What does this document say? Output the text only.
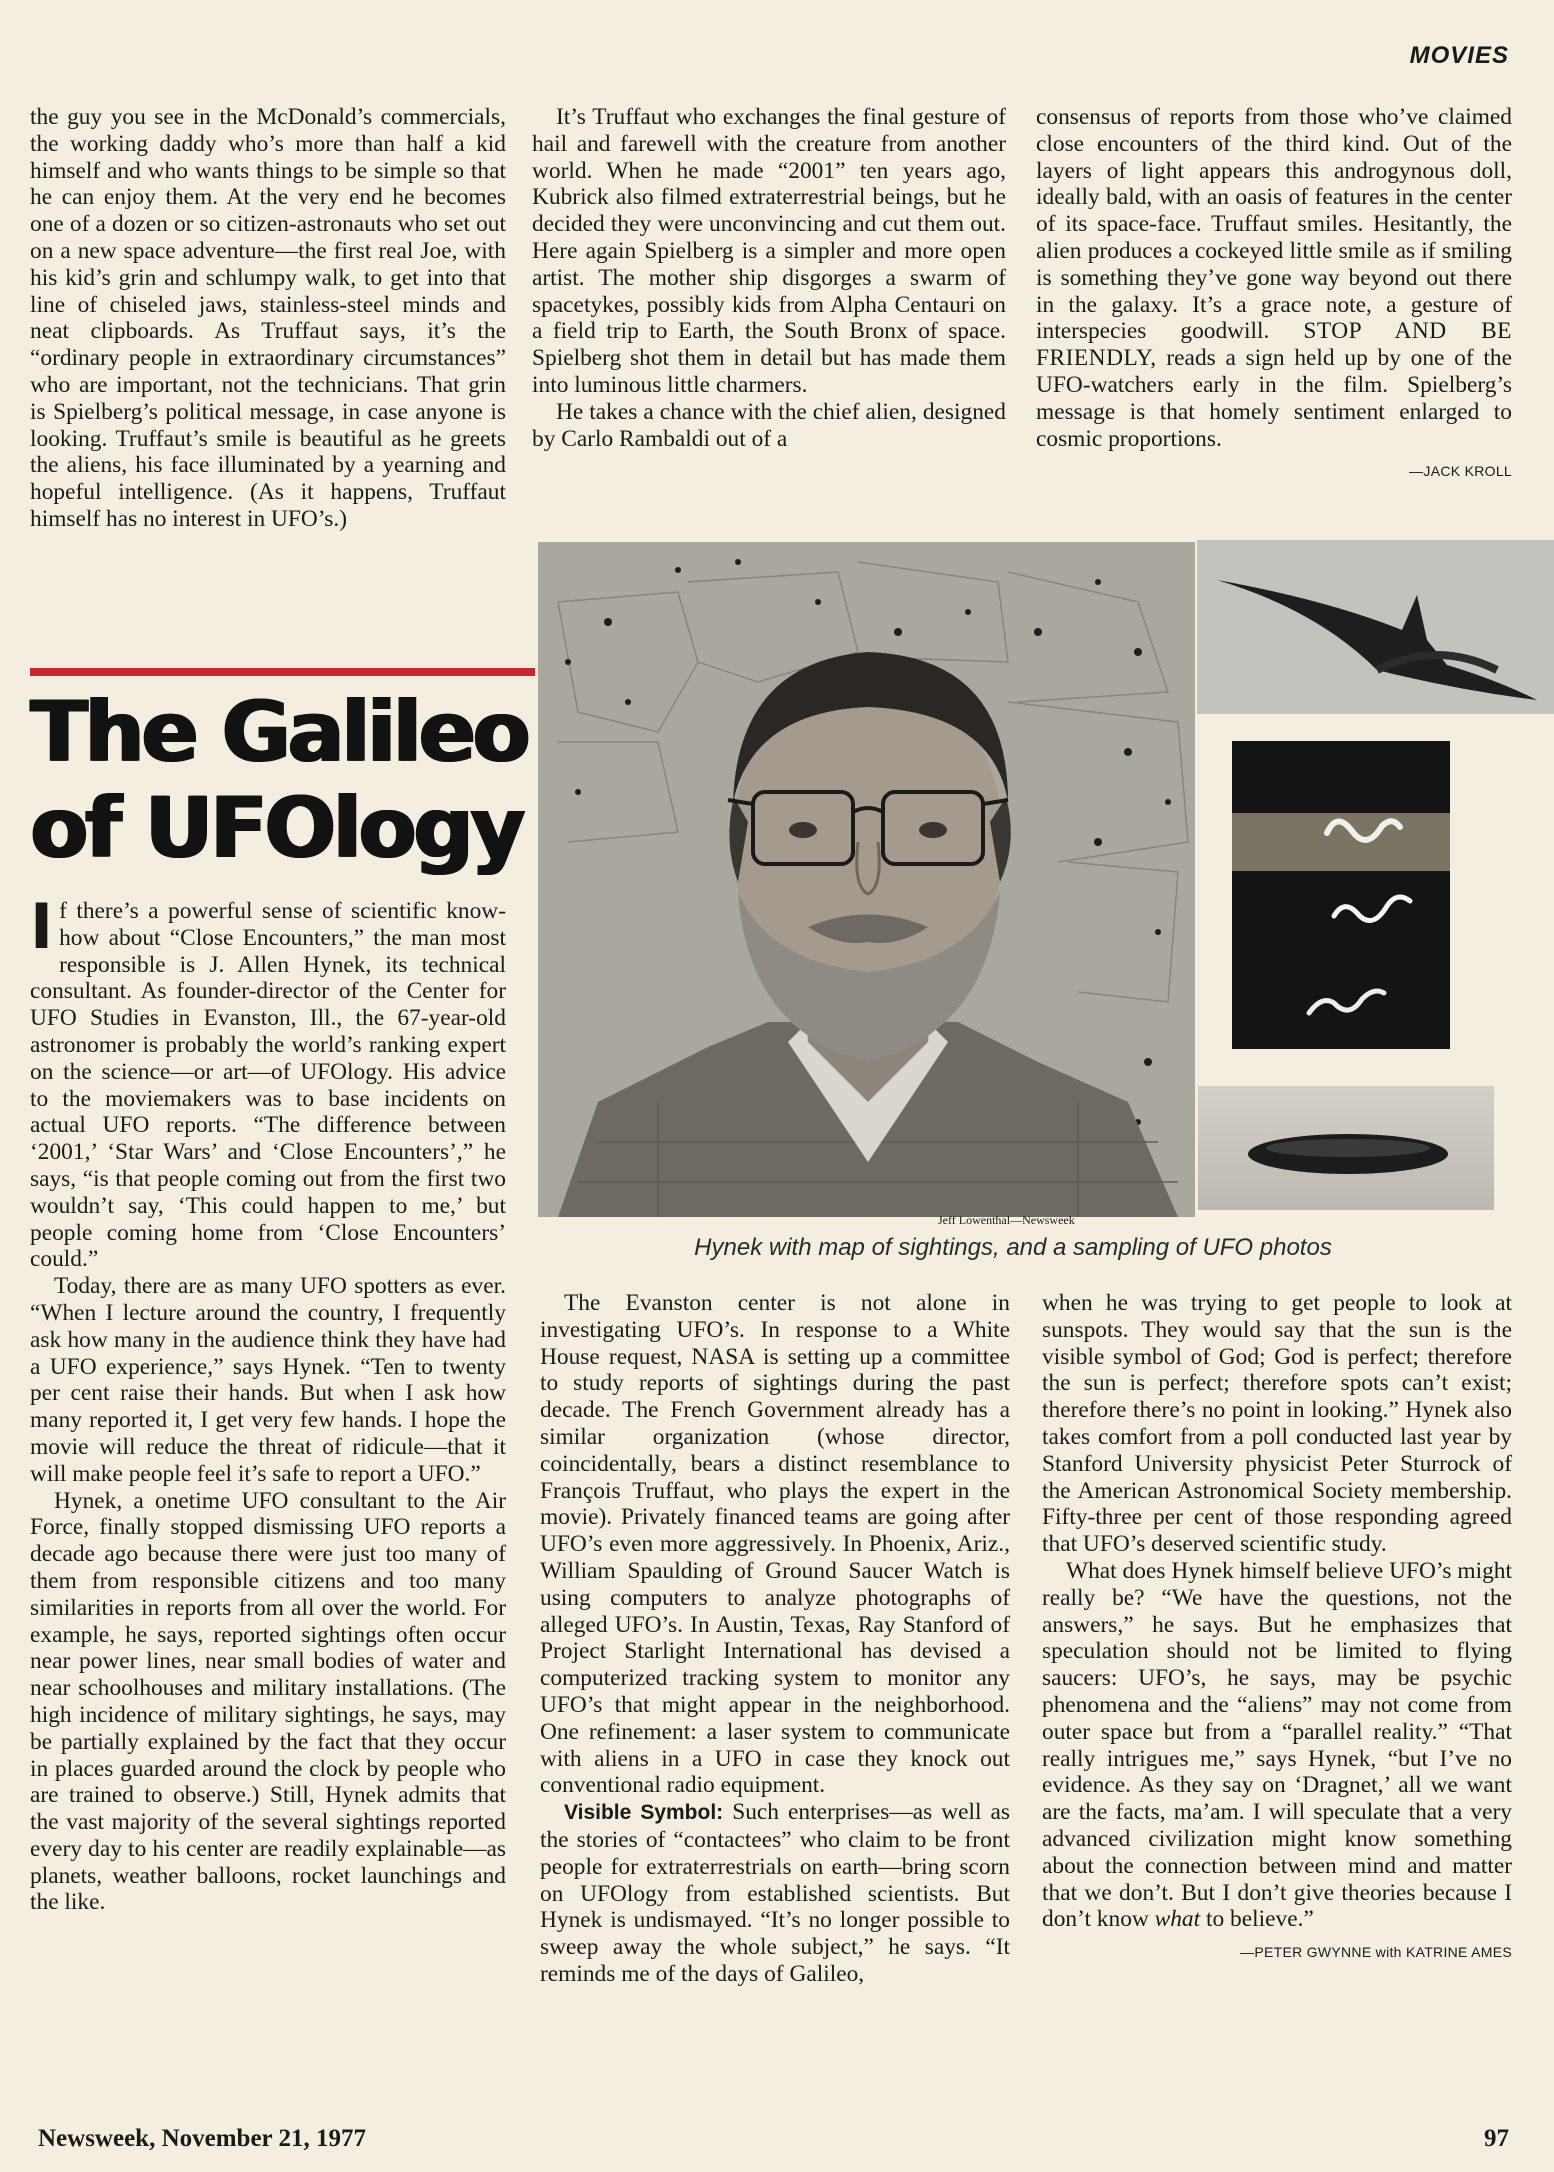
MOVIES

the guy you see in the McDonald’s commercials, the working daddy who’s more than half a kid himself and who wants things to be simple so that he can enjoy them. At the very end he becomes one of a dozen or so citizen-astronauts who set out on a new space adventure—the first real Joe, with his kid’s grin and schlumpy walk, to get into that line of chiseled jaws, stainless-steel minds and neat clipboards. As Truffaut says, it’s the “ordinary people in extraordinary circumstances” who are important, not the technicians. That grin is Spielberg’s political message, in case anyone is looking. Truffaut’s smile is beautiful as he greets the aliens, his face illuminated by a yearning and hopeful intelligence. (As it happens, Truffaut himself has no interest in UFO’s.)

It’s Truffaut who exchanges the final gesture of hail and farewell with the creature from another world. When he made “2001” ten years ago, Kubrick also filmed extraterrestrial beings, but he decided they were unconvincing and cut them out. Here again Spielberg is a simpler and more open artist. The mother ship disgorges a swarm of spacetykes, possibly kids from Alpha Centauri on a field trip to Earth, the South Bronx of space. Spielberg shot them in detail but has made them into luminous little charmers.

He takes a chance with the chief alien, designed by Carlo Rambaldi out of a

consensus of reports from those who’ve claimed close encounters of the third kind. Out of the layers of light appears this androgynous doll, ideally bald, with an oasis of features in the center of its space-face. Truffaut smiles. Hesitantly, the alien produces a cockeyed little smile as if smiling is something they’ve gone way beyond out there in the galaxy. It’s a grace note, a gesture of interspecies goodwill. STOP AND BE FRIENDLY, reads a sign held up by one of the UFO-watchers early in the film. Spielberg’s message is that homely sentiment enlarged to cosmic proportions.

—JACK KROLL
The Galileo
of UFOlogy

If there’s a powerful sense of scientific know-how about “Close Encounters,” the man most responsible is J. Allen Hynek, its technical consultant. As founder-director of the Center for UFO Studies in Evanston, Ill., the 67-year-old astronomer is probably the world’s ranking expert on the science—or art—of UFOlogy. His advice to the moviemakers was to base incidents on actual UFO reports. “The difference between ‘2001,’ ‘Star Wars’ and ‘Close Encounters’,” he says, “is that people coming out from the first two wouldn’t say, ‘This could happen to me,’ but people coming home from ‘Close Encounters’ could.”

Today, there are as many UFO spotters as ever. “When I lecture around the country, I frequently ask how many in the audience think they have had a UFO experience,” says Hynek. “Ten to twenty per cent raise their hands. But when I ask how many reported it, I get very few hands. I hope the movie will reduce the threat of ridicule—that it will make people feel it’s safe to report a UFO.”

Hynek, a onetime UFO consultant to the Air Force, finally stopped dismissing UFO reports a decade ago because there were just too many of them from responsible citizens and too many similarities in reports from all over the world. For example, he says, reported sightings often occur near power lines, near small bodies of water and near schoolhouses and military installations. (The high incidence of military sightings, he says, may be partially explained by the fact that they occur in places guarded around the clock by people who are trained to observe.) Still, Hynek admits that the vast majority of the several sightings reported every day to his center are readily explainable—as planets, weather balloons, rocket launchings and the like.

Jeff Lowenthal—Newsweek
Hynek with map of sightings, and a sampling of UFO photos

The Evanston center is not alone in investigating UFO’s. In response to a White House request, NASA is setting up a committee to study reports of sightings during the past decade. The French Government already has a similar organization (whose director, coincidentally, bears a distinct resemblance to François Truffaut, who plays the expert in the movie). Privately financed teams are going after UFO’s even more aggressively. In Phoenix, Ariz., William Spaulding of Ground Saucer Watch is using computers to analyze photographs of alleged UFO’s. In Austin, Texas, Ray Stanford of Project Starlight International has devised a computerized tracking system to monitor any UFO’s that might appear in the neighborhood. One refinement: a laser system to communicate with aliens in a UFO in case they knock out conventional radio equipment.

Visible Symbol: Such enterprises—as well as the stories of “contactees” who claim to be front people for extraterrestrials on earth—bring scorn on UFOlogy from established scientists. But Hynek is undismayed. “It’s no longer possible to sweep away the whole subject,” he says. “It reminds me of the days of Galileo,

when he was trying to get people to look at sunspots. They would say that the sun is the visible symbol of God; God is perfect; therefore the sun is perfect; therefore spots can’t exist; therefore there’s no point in looking.” Hynek also takes comfort from a poll conducted last year by Stanford University physicist Peter Sturrock of the American Astronomical Society membership. Fifty-three per cent of those responding agreed that UFO’s deserved scientific study.

What does Hynek himself believe UFO’s might really be? “We have the questions, not the answers,” he says. But he emphasizes that speculation should not be limited to flying saucers: UFO’s, he says, may be psychic phenomena and the “aliens” may not come from outer space but from a “parallel reality.” “That really intrigues me,” says Hynek, “but I’ve no evidence. As they say on ‘Dragnet,’ all we want are the facts, ma’am. I will speculate that a very advanced civilization might know something about the connection between mind and matter that we don’t. But I don’t give theories because I don’t know what to believe.”

—PETER GWYNNE with KATRINE AMES
Newsweek, November 21, 1977	97
